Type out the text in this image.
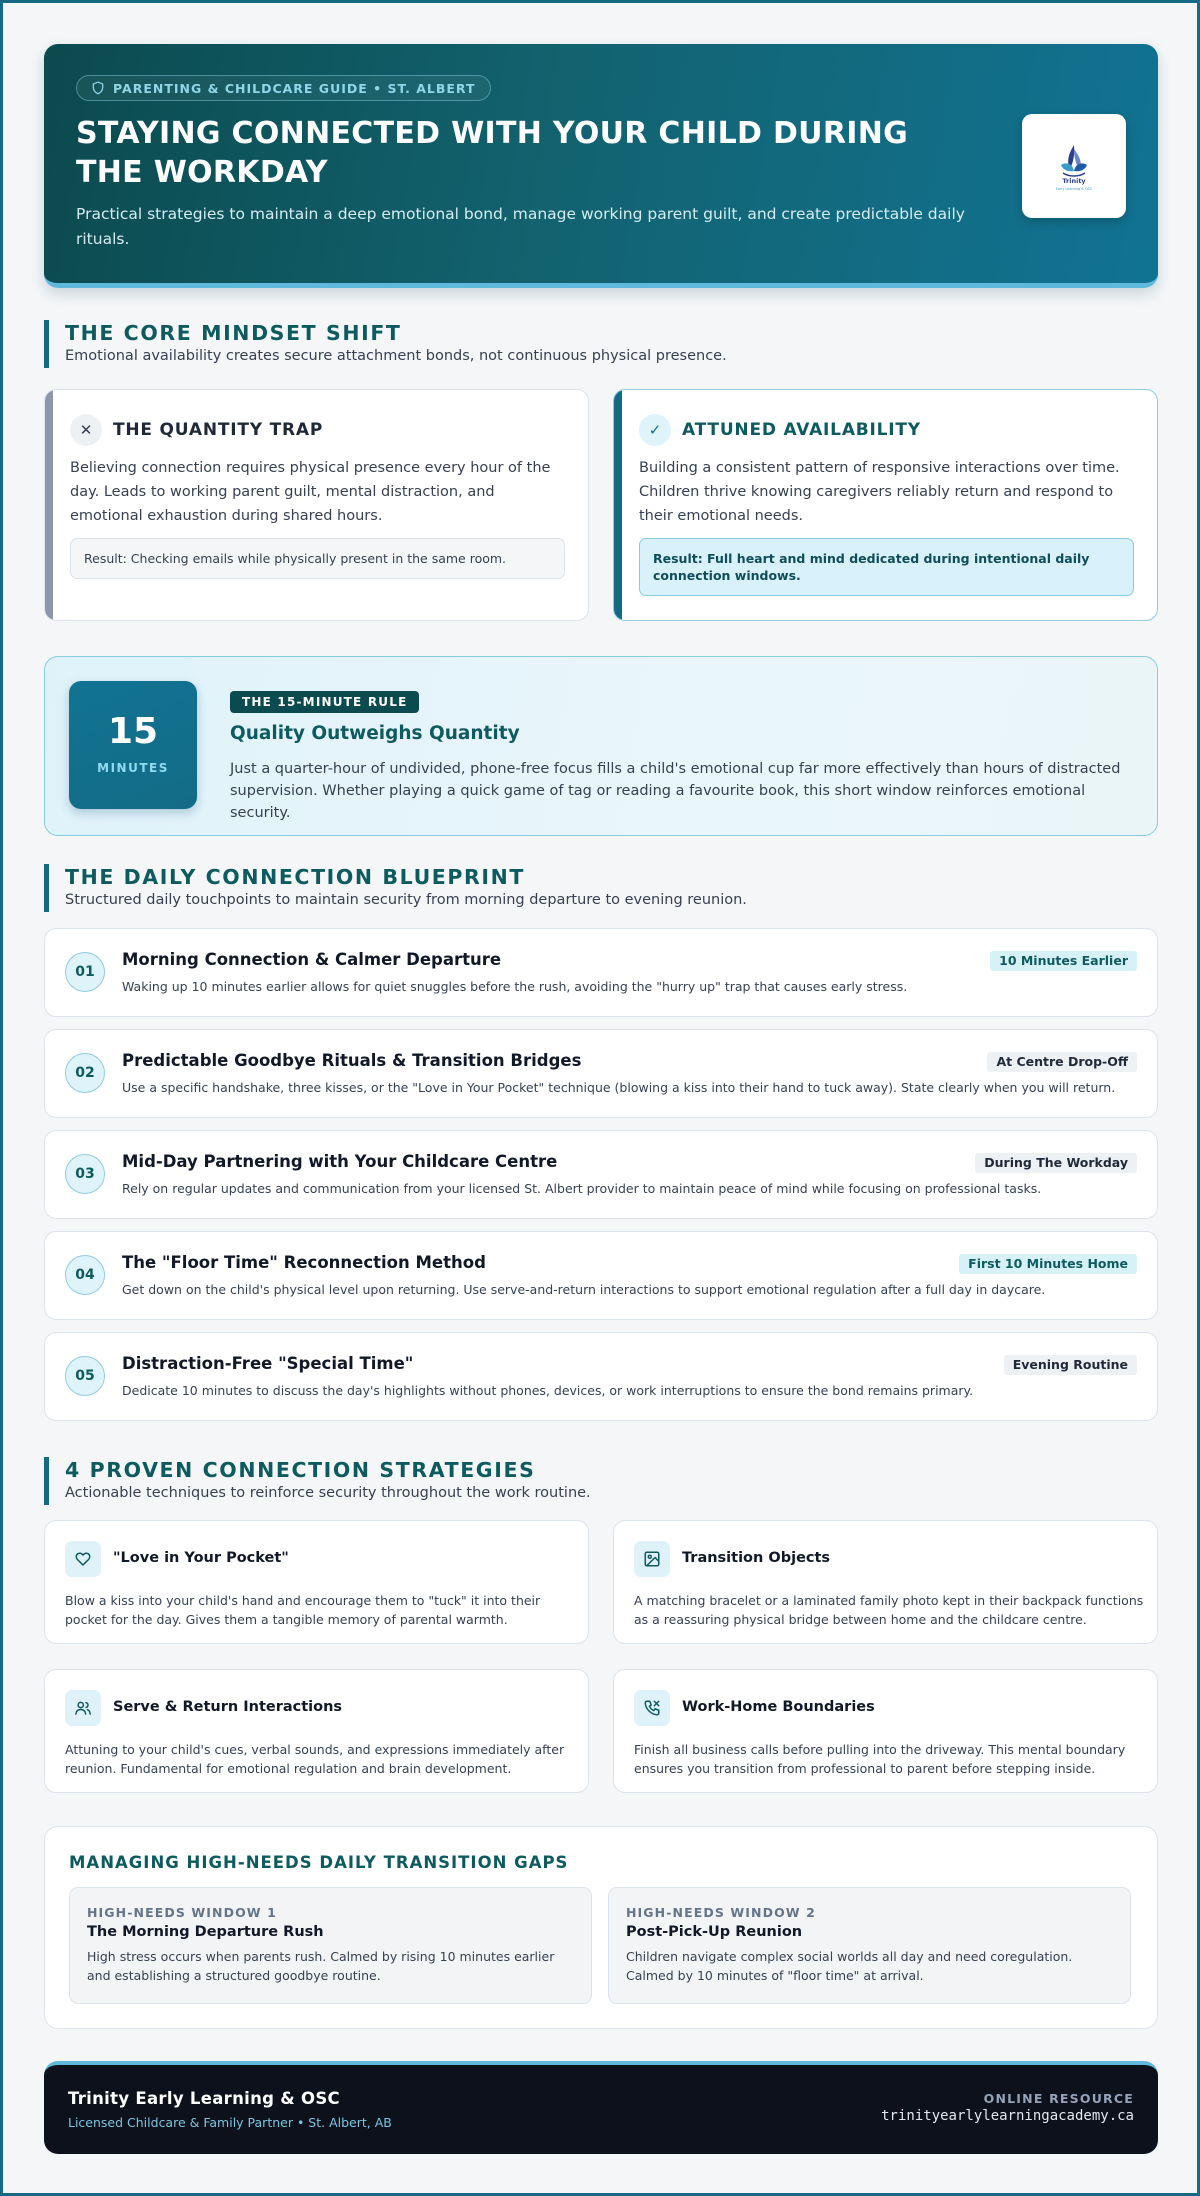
PARENTING & CHILDCARE GUIDE • ST. ALBERT
STAYING CONNECTED WITH YOUR CHILD DURING THE WORKDAY

Practical strategies to maintain a deep emotional bond, manage working parent guilt, and create predictable daily rituals.

Trinity
Early Learning & OSC
THE CORE MINDSET SHIFT

Emotional availability creates secure attachment bonds, not continuous physical presence.

✕	THE QUANTITY TRAP
Believing connection requires physical presence every hour of the day. Leads to working parent guilt, mental distraction, and emotional exhaustion during shared hours.
Result: Checking emails while physically present in the same room.
✓	ATTUNED AVAILABILITY
Building a consistent pattern of responsive interactions over time. Children thrive knowing caregivers reliably return and respond to their emotional needs.
Result: Full heart and mind dedicated during intentional daily connection windows.
15
MINUTES
THE 15-MINUTE RULE
Quality Outweighs Quantity

Just a quarter-hour of undivided, phone-free focus fills a child's emotional cup far more effectively than hours of distracted supervision. Whether playing a quick game of tag or reading a favourite book, this short window reinforces emotional security.

THE DAILY CONNECTION BLUEPRINT

Structured daily touchpoints to maintain security from morning departure to evening reunion.

01
Morning Connection & Calmer Departure

Waking up 10 minutes earlier allows for quiet snuggles before the rush, avoiding the "hurry up" trap that causes early stress.

10 Minutes Earlier
02
Predictable Goodbye Rituals & Transition Bridges

Use a specific handshake, three kisses, or the "Love in Your Pocket" technique (blowing a kiss into their hand to tuck away). State clearly when you will return.

At Centre Drop-Off
03
Mid-Day Partnering with Your Childcare Centre

Rely on regular updates and communication from your licensed St. Albert provider to maintain peace of mind while focusing on professional tasks.

During The Workday
04
The "Floor Time" Reconnection Method

Get down on the child's physical level upon returning. Use serve-and-return interactions to support emotional regulation after a full day in daycare.

First 10 Minutes Home
05
Distraction-Free "Special Time"

Dedicate 10 minutes to discuss the day's highlights without phones, devices, or work interruptions to ensure the bond remains primary.

Evening Routine
4 PROVEN CONNECTION STRATEGIES

Actionable techniques to reinforce security throughout the work routine.

"Love in Your Pocket"

Blow a kiss into your child's hand and encourage them to "tuck" it into their pocket for the day. Gives them a tangible memory of parental warmth.

Transition Objects

A matching bracelet or a laminated family photo kept in their backpack functions as a reassuring physical bridge between home and the childcare centre.

Serve & Return Interactions

Attuning to your child's cues, verbal sounds, and expressions immediately after reunion. Fundamental for emotional regulation and brain development.

Work-Home Boundaries

Finish all business calls before pulling into the driveway. This mental boundary ensures you transition from professional to parent before stepping inside.

MANAGING HIGH-NEEDS DAILY TRANSITION GAPS
HIGH-NEEDS WINDOW 1
The Morning Departure Rush

High stress occurs when parents rush. Calmed by rising 10 minutes earlier and establishing a structured goodbye routine.

HIGH-NEEDS WINDOW 2
Post-Pick-Up Reunion

Children navigate complex social worlds all day and need coregulation. Calmed by 10 minutes of "floor time" at arrival.

Trinity Early Learning & OSC
Licensed Childcare & Family Partner • St. Albert, AB
ONLINE RESOURCE
trinityearlylearningacademy.ca
